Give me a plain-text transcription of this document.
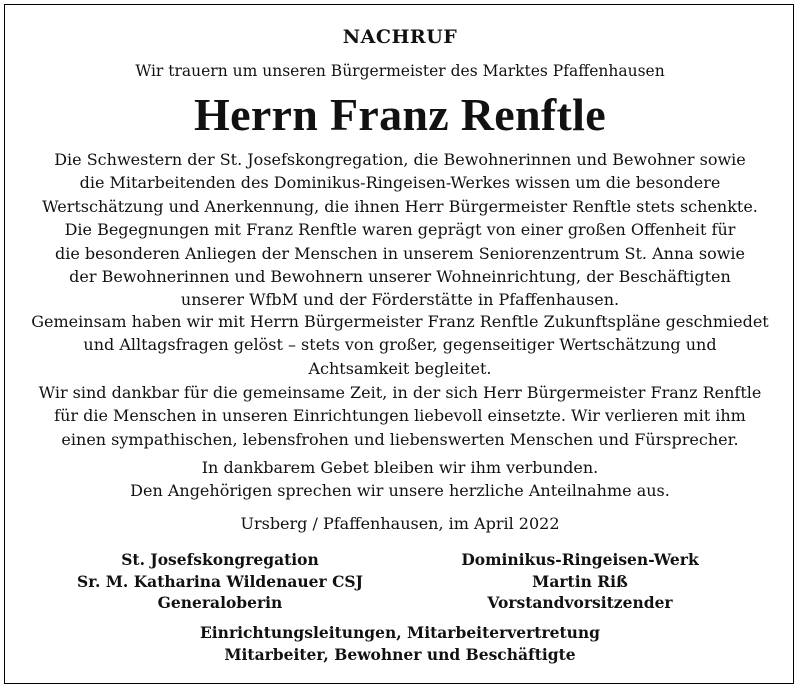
NACHRUF
Wir trauern um unseren Bürgermeister des Marktes Pfaffenhausen
Herrn Franz Renftle
Die Schwestern der St. Josefskongregation, die Bewohnerinnen und Bewohner sowie
die Mitarbeitenden des Dominikus-Ringeisen-Werkes wissen um die besondere
Wertschätzung und Anerkennung, die ihnen Herr Bürgermeister Renftle stets schenkte.
Die Begegnungen mit Franz Renftle waren geprägt von einer großen Offenheit für
die besonderen Anliegen der Menschen in unserem Seniorenzentrum St. Anna sowie
der Bewohnerinnen und Bewohnern unserer Wohneinrichtung, der Beschäftigten
unserer WfbM und der Förderstätte in Pfaffenhausen.
Gemeinsam haben wir mit Herrn Bürgermeister Franz Renftle Zukunftspläne geschmiedet
und Alltagsfragen gelöst – stets von großer, gegenseitiger Wertschätzung und
Achtsamkeit begleitet.
Wir sind dankbar für die gemeinsame Zeit, in der sich Herr Bürgermeister Franz Renftle
für die Menschen in unseren Einrichtungen liebevoll einsetzte. Wir verlieren mit ihm
einen sympathischen, lebensfrohen und liebenswerten Menschen und Fürsprecher.
In dankbarem Gebet bleiben wir ihm verbunden.
Den Angehörigen sprechen wir unsere herzliche Anteilnahme aus.
Ursberg / Pfaffenhausen, im April 2022
St. Josefskongregation
Sr. M. Katharina Wildenauer CSJ
Generaloberin
Dominikus-Ringeisen-Werk
Martin Riß
Vorstandvorsitzender
Einrichtungsleitungen, Mitarbeitervertretung
Mitarbeiter, Bewohner und Beschäftigte
